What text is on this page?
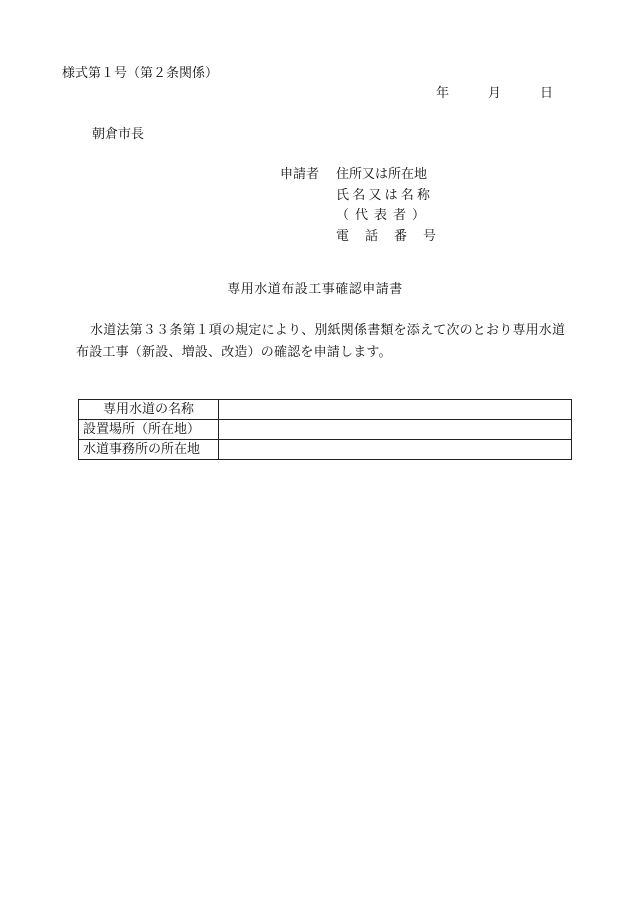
様式第１号（第２条関係）
年	月	日
朝倉市長
申請者 住所又は所在地
氏名又は名称
（代表者）
電話番号
専用水道布設工事確認申請書
水道法第３３条第１項の規定により、別紙関係書類を添えて次のとおり専用水道布設工事（新設、増設、改造）の確認を申請します。
専用水道の名称	
設置場所（所在地）	
水道事務所の所在地	
